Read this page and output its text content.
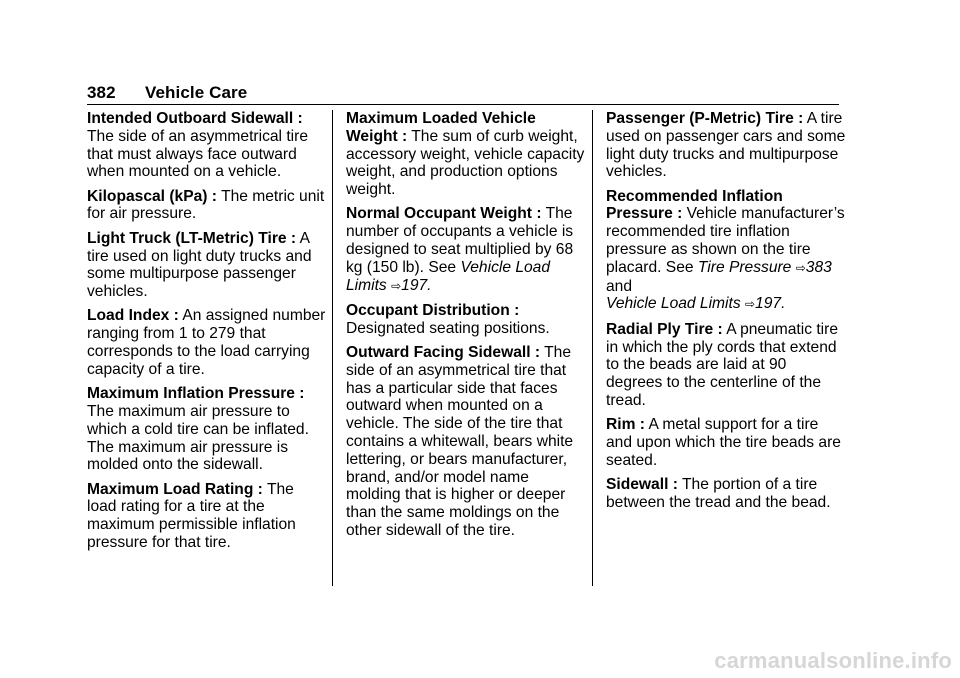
382 Vehicle Care

Intended Outboard Sidewall : The side of an asymmetrical tire that must always face outward when mounted on a vehicle.

Kilopascal (kPa) : The metric unit for air pressure.

Light Truck (LT-Metric) Tire : A tire used on light duty trucks and some multipurpose passenger vehicles.

Load Index : An assigned number ranging from 1 to 279 that corresponds to the load carrying capacity of a tire.

Maximum Inflation Pressure : The maximum air pressure to which a cold tire can be inflated. The maximum air pressure is molded onto the sidewall.

Maximum Load Rating : The load rating for a tire at the maximum permissible inflation pressure for that tire.

Maximum Loaded Vehicle Weight : The sum of curb weight, accessory weight, vehicle capacity weight, and production options weight.

Normal Occupant Weight : The number of occupants a vehicle is designed to seat multiplied by 68 kg (150 lb). See Vehicle Load Limits ⇨197.

Occupant Distribution : Designated seating positions.

Outward Facing Sidewall : The side of an asymmetrical tire that has a particular side that faces outward when mounted on a vehicle. The side of the tire that contains a whitewall, bears white lettering, or bears manufacturer, brand, and/or model name molding that is higher or deeper than the same moldings on the other sidewall of the tire.

Passenger (P-Metric) Tire : A tire used on passenger cars and some light duty trucks and multipurpose vehicles.

Recommended Inflation Pressure : Vehicle manufacturer’s recommended tire inflation pressure as shown on the tire placard. See Tire Pressure ⇨383 and
Vehicle Load Limits ⇨197.

Radial Ply Tire : A pneumatic tire in which the ply cords that extend to the beads are laid at 90 degrees to the centerline of the tread.

Rim : A metal support for a tire and upon which the tire beads are seated.

Sidewall : The portion of a tire between the tread and the bead.

carmanualsonline.info
